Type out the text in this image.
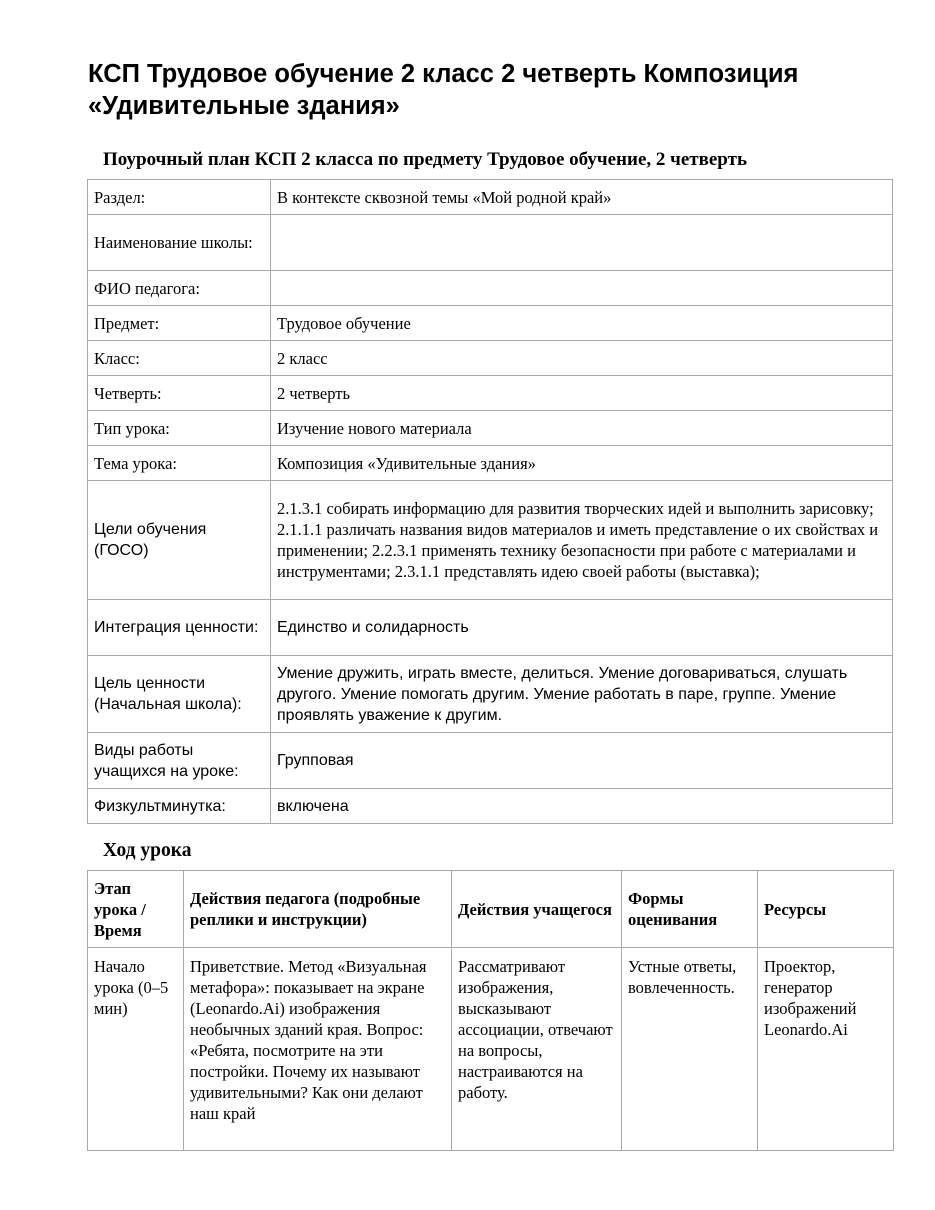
КСП Трудовое обучение 2 класс 2 четверть Композиция «Удивительные здания»
Поурочный план КСП 2 класса по предмету Трудовое обучение, 2 четверть
Раздел:	В контексте сквозной темы «Мой родной край»
Наименование школы:	
ФИО педагога:	
Предмет:	Трудовое обучение
Класс:	2 класс
Четверть:	2 четверть
Тип урока:	Изучение нового материала
Тема урока:	Композиция «Удивительные здания»
Цели обучения (ГОСО)	2.1.3.1 собирать информацию для развития творческих идей и выполнить зарисовку; 2.1.1.1 различать названия видов материалов и иметь представление о их свойствах и применении; 2.2.3.1 применять технику безопасности при работе с материалами и инструментами; 2.3.1.1 представлять идею своей работы (выставка);
Интеграция ценности:	Единство и солидарность
Цель ценности (Начальная школа):	Умение дружить, играть вместе, делиться. Умение договариваться, слушать другого. Умение помогать другим. Умение работать в паре, группе. Умение проявлять уважение к другим.
Виды работы учащихся на уроке:	Групповая
Физкультминутка:	включена
Ход урока
Этап урока / Время	Действия педагога (подробные реплики и инструкции)	Действия учащегося	Формы оценивания	Ресурсы
Начало урока (0–5 мин)	Приветствие. Метод «Визуальная метафора»: показывает на экране (Leonardo.Ai) изображения необычных зданий края. Вопрос: «Ребята, посмотрите на эти постройки. Почему их называют удивительными? Как они делают наш край	Рассматривают изображения, высказывают ассоциации, отвечают на вопросы, настраиваются на работу.	Устные ответы, вовлеченность.	Проектор, генератор изображений Leonardo.Ai
